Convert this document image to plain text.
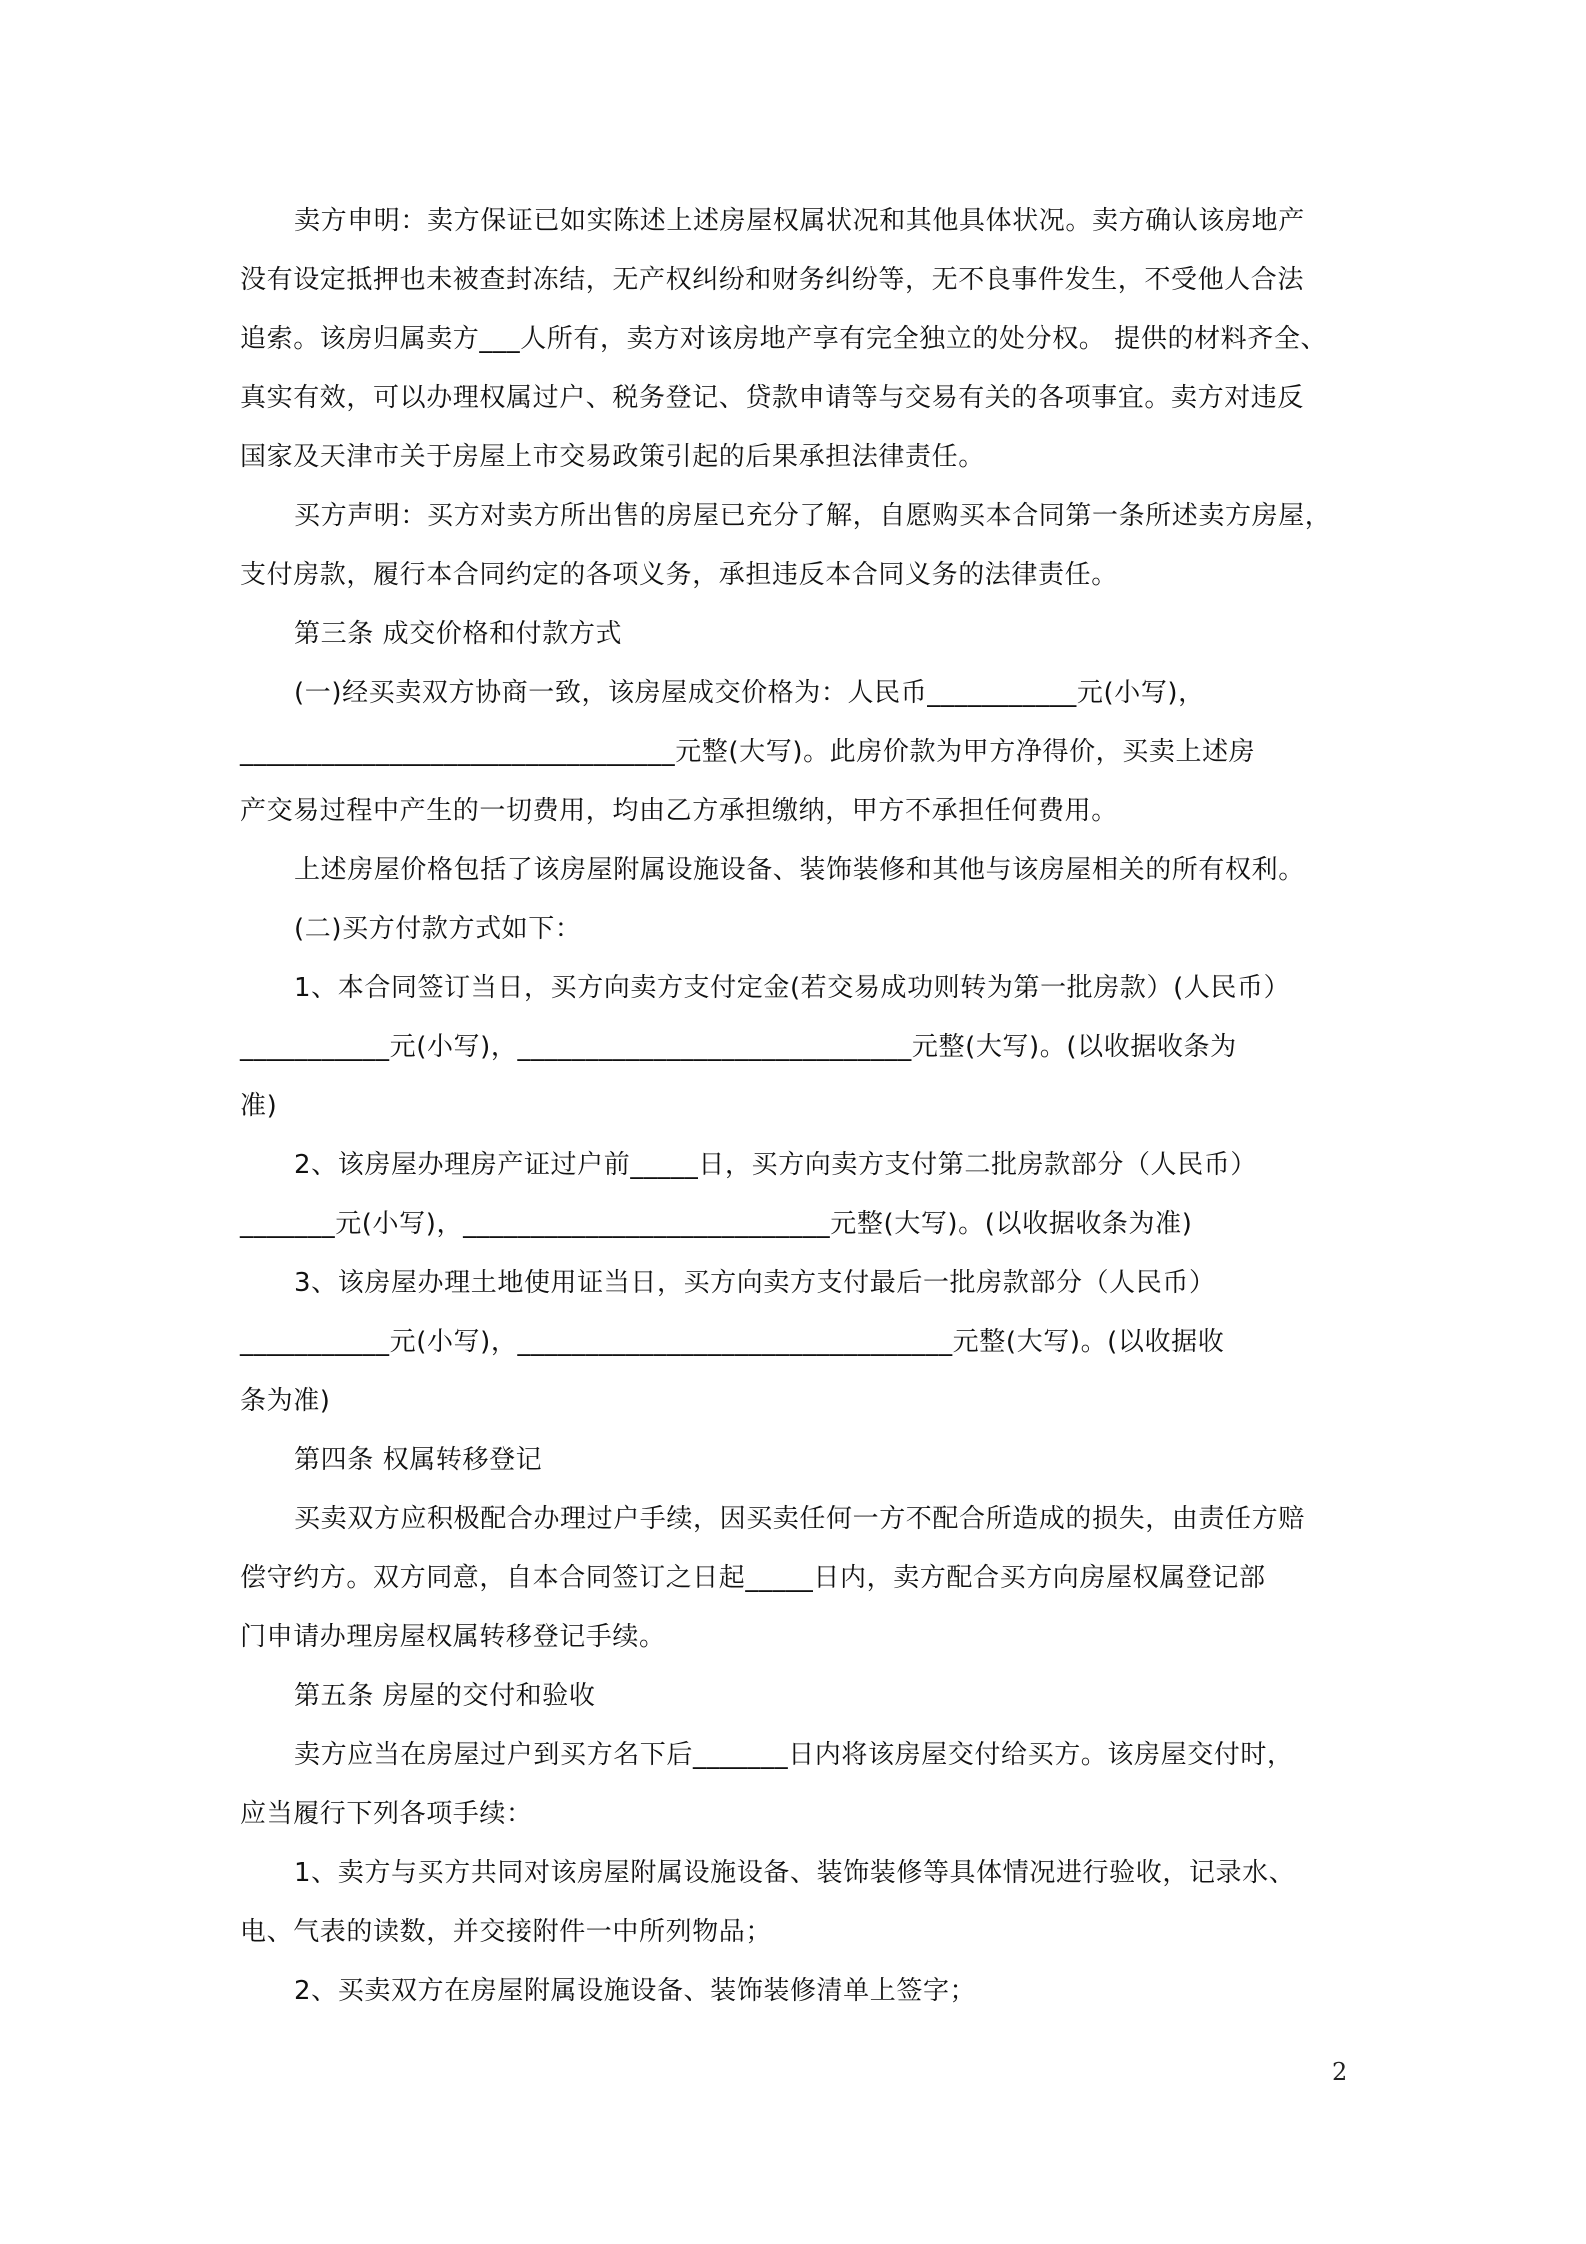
卖方申明：卖方保证已如实陈述上述房屋权属状况和其他具体状况。卖方确认该房地产
没有设定抵押也未被查封冻结，无产权纠纷和财务纠纷等，无不良事件发生，不受他人合法
追索。该房归属卖方___人所有，卖方对该房地产享有完全独立的处分权。 提供的材料齐全、
真实有效，可以办理权属过户、税务登记、贷款申请等与交易有关的各项事宜。卖方对违反
国家及天津市关于房屋上市交易政策引起的后果承担法律责任。
买方声明：买方对卖方所出售的房屋已充分了解，自愿购买本合同第一条所述卖方房屋，
支付房款，履行本合同约定的各项义务，承担违反本合同义务的法律责任。
第三条 成交价格和付款方式
(一)经买卖双方协商一致，该房屋成交价格为：人民币___________元(小写)，
________________________________元整(大写)。此房价款为甲方净得价，买卖上述房
产交易过程中产生的一切费用，均由乙方承担缴纳，甲方不承担任何费用。
上述房屋价格包括了该房屋附属设施设备、装饰装修和其他与该房屋相关的所有权利。
(二)买方付款方式如下：
1、本合同签订当日，买方向卖方支付定金(若交易成功则转为第一批房款）(人民币）
___________元(小写)，_____________________________元整(大写)。(以收据收条为
准)
2、该房屋办理房产证过户前_____日，买方向卖方支付第二批房款部分（人民币）
_______元(小写)，___________________________元整(大写)。(以收据收条为准)
3、该房屋办理土地使用证当日，买方向卖方支付最后一批房款部分（人民币）
___________元(小写)，________________________________元整(大写)。(以收据收
条为准)
第四条 权属转移登记
买卖双方应积极配合办理过户手续，因买卖任何一方不配合所造成的损失，由责任方赔
偿守约方。双方同意，自本合同签订之日起_____日内，卖方配合买方向房屋权属登记部
门申请办理房屋权属转移登记手续。
第五条 房屋的交付和验收
卖方应当在房屋过户到买方名下后_______日内将该房屋交付给买方。该房屋交付时，
应当履行下列各项手续：
1、卖方与买方共同对该房屋附属设施设备、装饰装修等具体情况进行验收，记录水、
电、气表的读数，并交接附件一中所列物品；
2、买卖双方在房屋附属设施设备、装饰装修清单上签字；
2
